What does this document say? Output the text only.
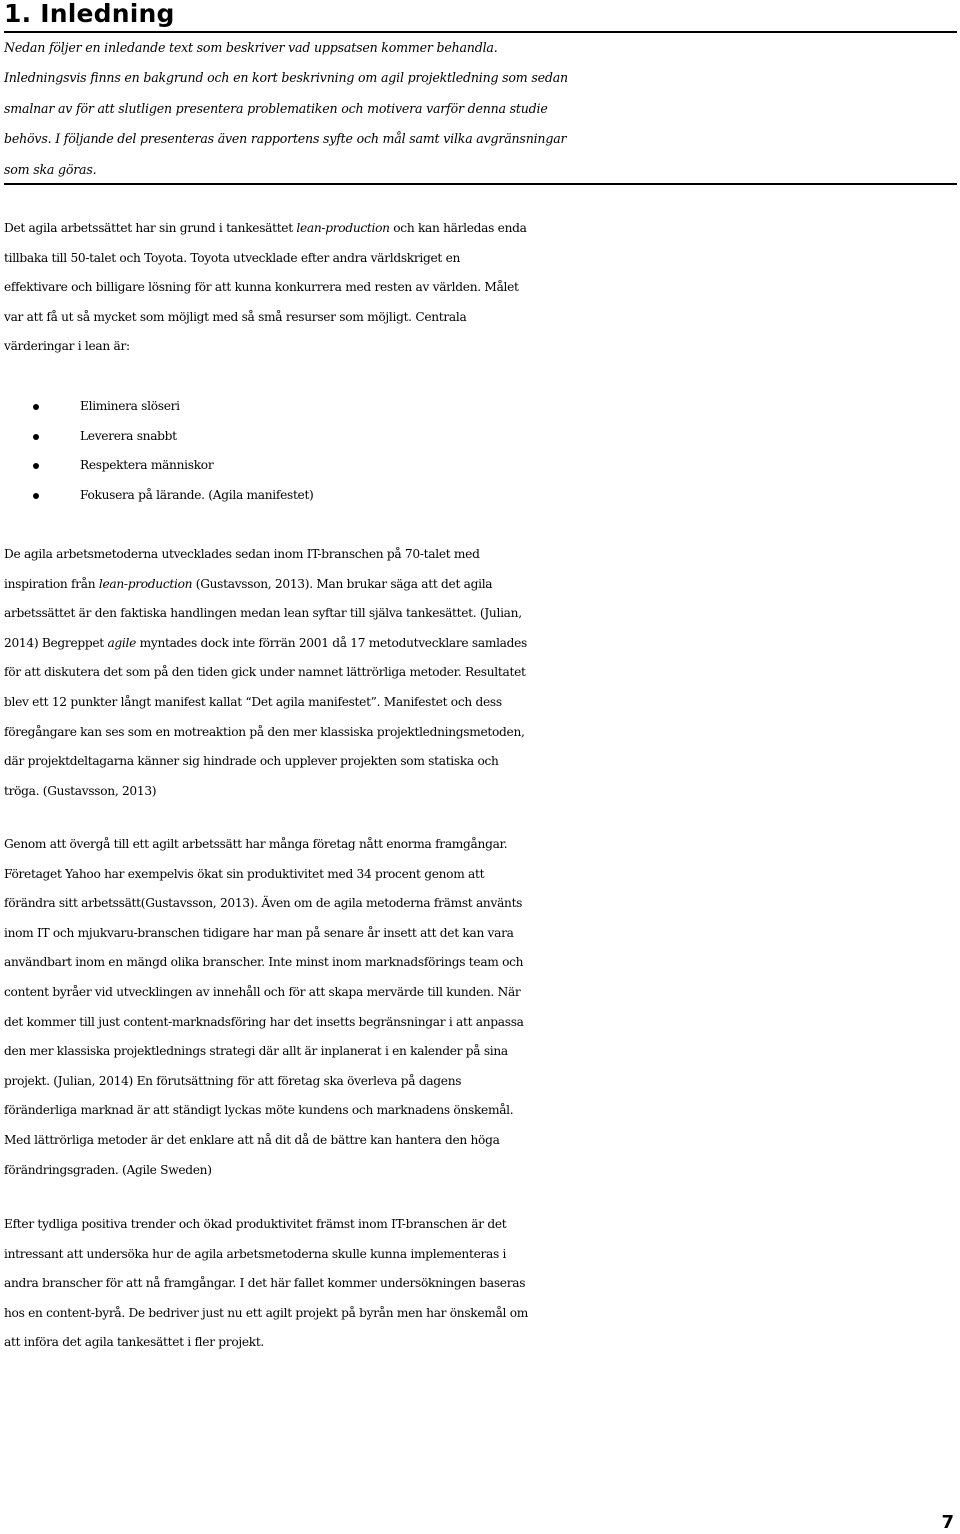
1. Inledning

Nedan följer en inledande text som beskriver vad uppsatsen kommer behandla.
Inledningsvis finns en bakgrund och en kort beskrivning om agil projektledning som sedan
smalnar av för att slutligen presentera problematiken och motivera varför denna studie
behövs. I följande del presenteras även rapportens syfte och mål samt vilka avgränsningar
som ska göras.

Det agila arbetssättet har sin grund i tankesättet lean-production och kan härledas enda
tillbaka till 50-talet och Toyota. Toyota utvecklade efter andra världskriget en
effektivare och billigare lösning för att kunna konkurrera med resten av världen. Målet
var att få ut så mycket som möjligt med så små resurser som möjligt. Centrala
värderingar i lean är:

Eliminera slöseri
Leverera snabbt
Respektera människor
Fokusera på lärande. (Agila manifestet)

De agila arbetsmetoderna utvecklades sedan inom IT-branschen på 70-talet med
inspiration från lean-production (Gustavsson, 2013). Man brukar säga att det agila
arbetssättet är den faktiska handlingen medan lean syftar till själva tankesättet. (Julian,
2014) Begreppet agile myntades dock inte förrän 2001 då 17 metodutvecklare samlades
för att diskutera det som på den tiden gick under namnet lättrörliga metoder. Resultatet
blev ett 12 punkter långt manifest kallat “Det agila manifestet”. Manifestet och dess
föregångare kan ses som en motreaktion på den mer klassiska projektledningsmetoden,
där projektdeltagarna känner sig hindrade och upplever projekten som statiska och
tröga. (Gustavsson, 2013)

Genom att övergå till ett agilt arbetssätt har många företag nått enorma framgångar.
Företaget Yahoo har exempelvis ökat sin produktivitet med 34 procent genom att
förändra sitt arbetssätt(Gustavsson, 2013). Även om de agila metoderna främst använts
inom IT och mjukvaru-branschen tidigare har man på senare år insett att det kan vara
användbart inom en mängd olika branscher. Inte minst inom marknadsförings team och
content byråer vid utvecklingen av innehåll och för att skapa mervärde till kunden. När
det kommer till just content-marknadsföring har det insetts begränsningar i att anpassa
den mer klassiska projektlednings strategi där allt är inplanerat i en kalender på sina
projekt. (Julian, 2014) En förutsättning för att företag ska överleva på dagens
föränderliga marknad är att ständigt lyckas möte kundens och marknadens önskemål.
Med lättrörliga metoder är det enklare att nå dit då de bättre kan hantera den höga
förändringsgraden. (Agile Sweden)

Efter tydliga positiva trender och ökad produktivitet främst inom IT-branschen är det
intressant att undersöka hur de agila arbetsmetoderna skulle kunna implementeras i
andra branscher för att nå framgångar. I det här fallet kommer undersökningen baseras
hos en content-byrå. De bedriver just nu ett agilt projekt på byrån men har önskemål om
att införa det agila tankesättet i fler projekt.

7
